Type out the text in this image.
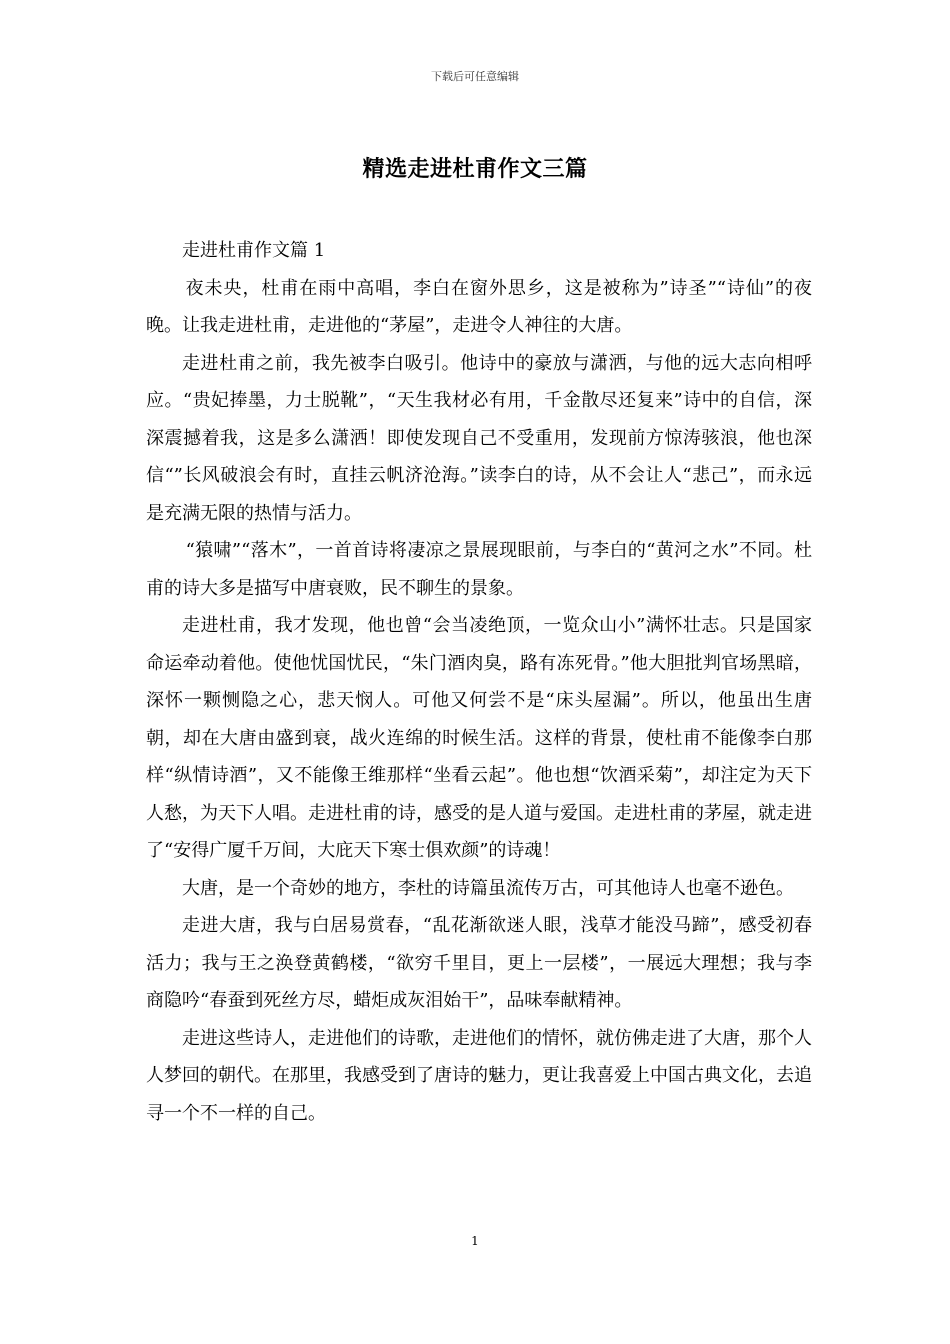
下载后可任意编辑
精选走进杜甫作文三篇

走进杜甫作文篇 1

夜未央，杜甫在雨中高唱，李白在窗外思乡，这是被称为”诗圣”“诗仙”的夜晚。让我走进杜甫，走进他的“茅屋”，走进令人神往的大唐。

走进杜甫之前，我先被李白吸引。他诗中的豪放与潇洒，与他的远大志向相呼应。“贵妃捧墨，力士脱靴”，“天生我材必有用，千金散尽还复来”诗中的自信，深深震撼着我，这是多么潇洒！即使发现自己不受重用，发现前方惊涛骇浪，他也深信“”长风破浪会有时，直挂云帆济沧海。”读李白的诗，从不会让人“悲己”，而永远是充满无限的热情与活力。

“猿啸”“落木”，一首首诗将凄凉之景展现眼前，与李白的“黄河之水”不同。杜甫的诗大多是描写中唐衰败，民不聊生的景象。

走进杜甫，我才发现，他也曾“会当凌绝顶，一览众山小”满怀壮志。只是国家命运牵动着他。使他忧国忧民，“朱门酒肉臭，路有冻死骨。”他大胆批判官场黑暗，深怀一颗恻隐之心，悲天悯人。可他又何尝不是“床头屋漏”。所以，他虽出生唐朝，却在大唐由盛到衰，战火连绵的时候生活。这样的背景，使杜甫不能像李白那样“纵情诗酒”，又不能像王维那样“坐看云起”。他也想“饮酒采菊”，却注定为天下人愁，为天下人唱。走进杜甫的诗，感受的是人道与爱国。走进杜甫的茅屋，就走进了“安得广厦千万间，大庇天下寒士俱欢颜”的诗魂！

大唐，是一个奇妙的地方，李杜的诗篇虽流传万古，可其他诗人也毫不逊色。

走进大唐，我与白居易赏春，“乱花渐欲迷人眼，浅草才能没马蹄”，感受初春活力；我与王之涣登黄鹤楼，“欲穷千里目，更上一层楼”，一展远大理想；我与李商隐吟“春蚕到死丝方尽，蜡炬成灰泪始干”，品味奉献精神。

走进这些诗人，走进他们的诗歌，走进他们的情怀，就仿佛走进了大唐，那个人人梦回的朝代。在那里，我感受到了唐诗的魅力，更让我喜爱上中国古典文化，去追寻一个不一样的自己。

1
